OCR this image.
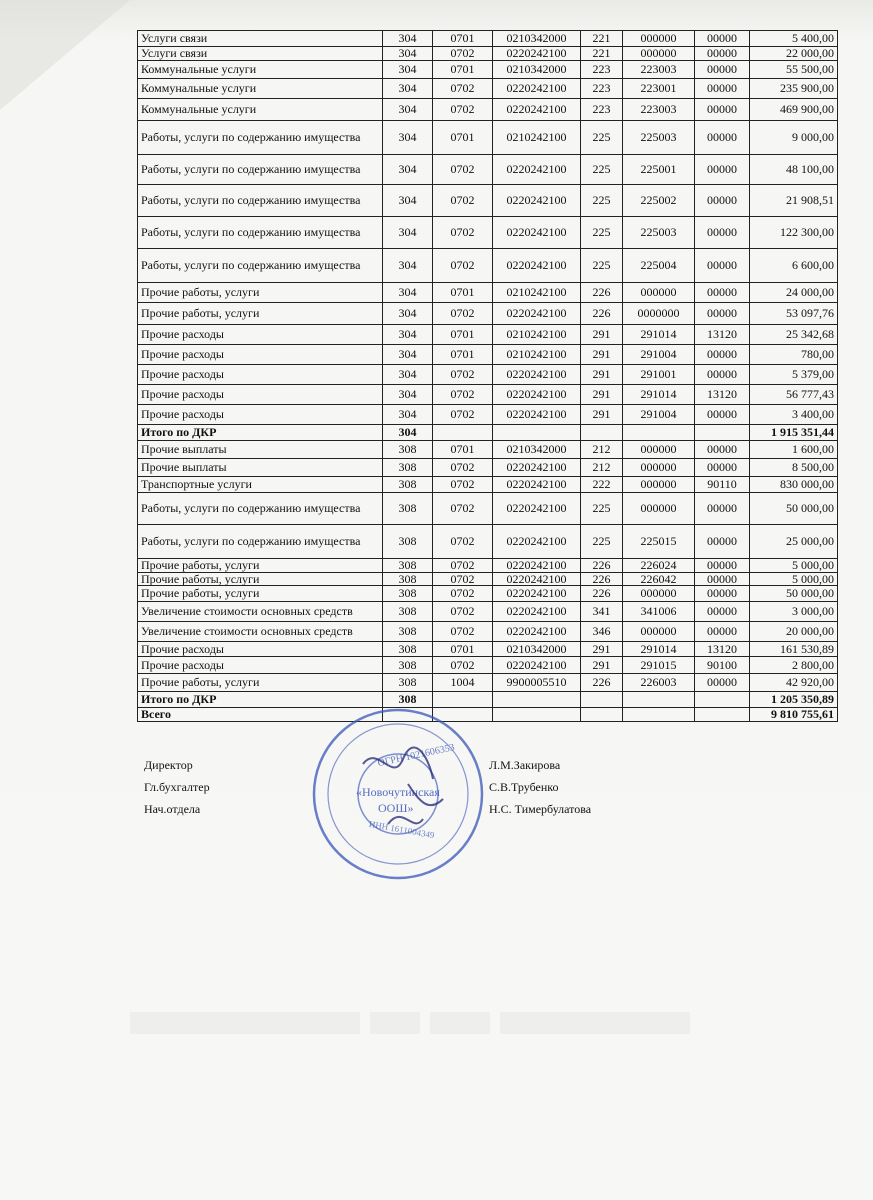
Услуги связи	304	0701	0210342000	221	000000	00000	5 400,00
Услуги связи	304	0702	0220242100	221	000000	00000	22 000,00
Коммунальные услуги	304	0701	0210342000	223	223003	00000	55 500,00
Коммунальные услуги	304	0702	0220242100	223	223001	00000	235 900,00
Коммунальные услуги	304	0702	0220242100	223	223003	00000	469 900,00
Работы, услуги по содержанию имущества	304	0701	0210242100	225	225003	00000	9 000,00
Работы, услуги по содержанию имущества	304	0702	0220242100	225	225001	00000	48 100,00
Работы, услуги по содержанию имущества	304	0702	0220242100	225	225002	00000	21 908,51
Работы, услуги по содержанию имущества	304	0702	0220242100	225	225003	00000	122 300,00
Работы, услуги по содержанию имущества	304	0702	0220242100	225	225004	00000	6 600,00
Прочие работы, услуги	304	0701	0210242100	226	000000	00000	24 000,00
Прочие работы, услуги	304	0702	0220242100	226	0000000	00000	53 097,76
Прочие расходы	304	0701	0210242100	291	291014	13120	25 342,68
Прочие расходы	304	0701	0210242100	291	291004	00000	780,00
Прочие расходы	304	0702	0220242100	291	291001	00000	5 379,00
Прочие расходы	304	0702	0220242100	291	291014	13120	56 777,43
Прочие расходы	304	0702	0220242100	291	291004	00000	3 400,00
Итого по ДКР	304						1 915 351,44
Прочие выплаты	308	0701	0210342000	212	000000	00000	1 600,00
Прочие выплаты	308	0702	0220242100	212	000000	00000	8 500,00
Транспортные услуги	308	0702	0220242100	222	000000	90110	830 000,00
Работы, услуги по содержанию имущества	308	0702	0220242100	225	000000	00000	50 000,00
Работы, услуги по содержанию имущества	308	0702	0220242100	225	225015	00000	25 000,00
Прочие работы, услуги	308	0702	0220242100	226	226024	00000	5 000,00
Прочие работы, услуги	308	0702	0220242100	226	226042	00000	5 000,00
Прочие работы, услуги	308	0702	0220242100	226	000000	00000	50 000,00
Увеличение стоимости основных средств	308	0702	0220242100	341	341006	00000	3 000,00
Увеличение стоимости основных средств	308	0702	0220242100	346	000000	00000	20 000,00
Прочие расходы	308	0701	0210342000	291	291014	13120	161 530,89
Прочие расходы	308	0702	0220242100	291	291015	90100	2 800,00
Прочие работы, услуги	308	1004	9900005510	226	226003	00000	42 920,00
Итого по ДКР	308						1 205 350,89
Всего							9 810 755,61
ОГРН 1021606353
«Новочутинская
ООШ»
ИНН 1611004349
Директор	Л.М.Закирова
Гл.бухгалтер	С.В.Трубенко
Нач.отдела	Н.С. Тимербулатова
